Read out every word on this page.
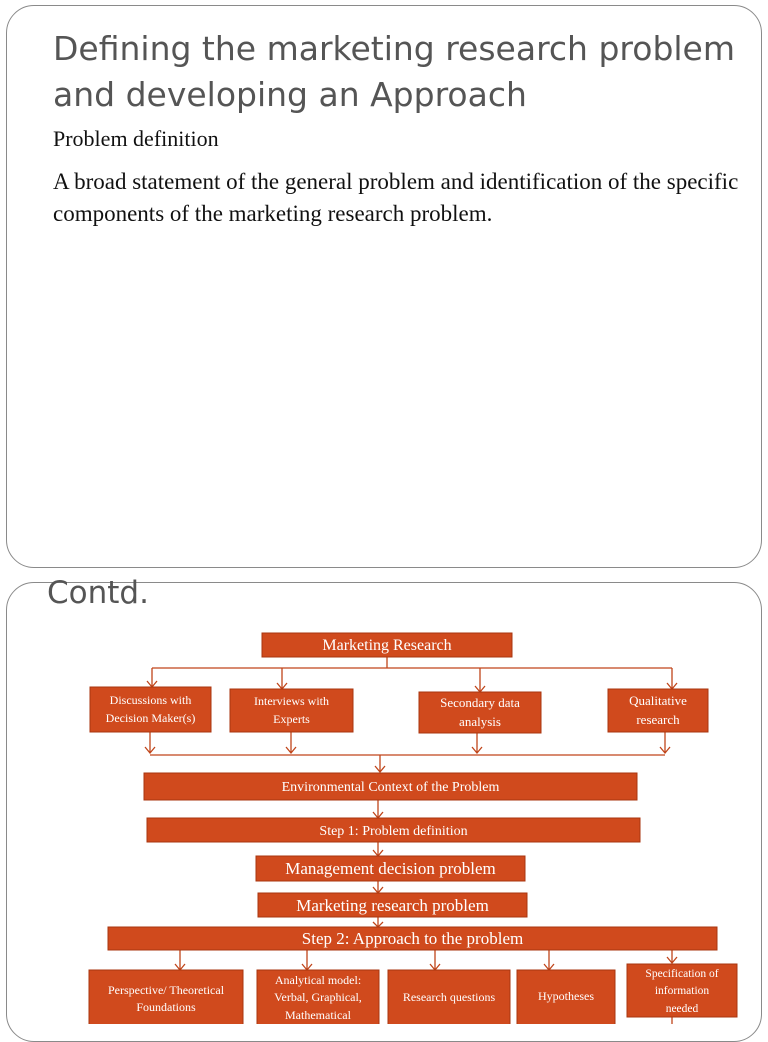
Defining the marketing research problem and developing an Approach
Problem definition
A broad statement of the general problem and identification of the specific components of the marketing research problem.
Contd.
Marketing Research
Discussions with
Decision Maker(s)
Interviews with
Experts
Secondary data
analysis
Qualitative
research
Environmental Context of the Problem
Step 1: Problem definition
Management decision problem
Marketing research problem
Step 2: Approach to the problem
Perspective/ Theoretical
Foundations
Analytical model:
Verbal, Graphical,
Mathematical
Research questions	Hypotheses
Specification of
information
needed
